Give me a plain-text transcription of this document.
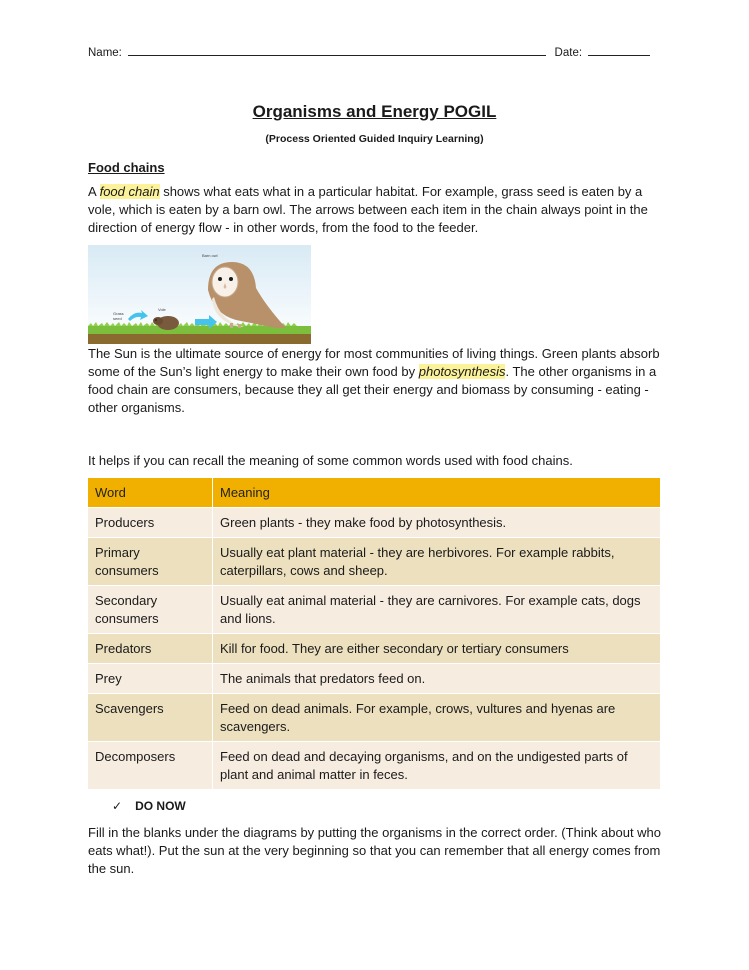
Name:	Date:
Organisms and Energy POGIL
(Process Oriented Guided Inquiry Learning)
Food chains
A food chain shows what eats what in a particular habitat. For example, grass seed is eaten by a vole, which is eaten by a barn owl. The arrows between each item in the chain always point in the direction of energy flow - in other words, from the food to the feeder.
Grass
seed
Vole
Barn owl
The Sun is the ultimate source of energy for most communities of living things. Green plants absorb some of the Sun’s light energy to make their own food by photosynthesis. The other organisms in a food chain are consumers, because they all get their energy and biomass by consuming - eating - other organisms.
It helps if you can recall the meaning of some common words used with food chains.
Word	Meaning
Producers	Green plants - they make food by photosynthesis.
Primary consumers	Usually eat plant material - they are herbivores. For example rabbits, caterpillars, cows and sheep.
Secondary consumers	Usually eat animal material - they are carnivores. For example cats, dogs and lions.
Predators	Kill for food. They are either secondary or tertiary consumers
Prey	The animals that predators feed on.
Scavengers	Feed on dead animals. For example, crows, vultures and hyenas are scavengers.
Decomposers	Feed on dead and decaying organisms, and on the undigested parts of plant and animal matter in feces.
✓ DO NOW
Fill in the blanks under the diagrams by putting the organisms in the correct order. (Think about who eats what!). Put the sun at the very beginning so that you can remember that all energy comes from the sun.
